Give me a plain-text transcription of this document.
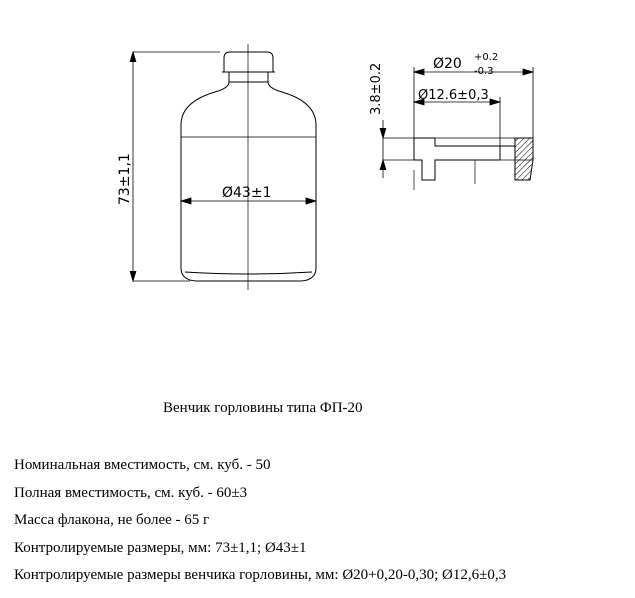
73±1,1	Ø43±1
Ø20 +0.2
-0.3
Ø12.6±0,3
3.8±0.2
Венчик горловины типа ФП-20
Номинальная вместимость, см. куб. - 50
Полная вместимость, см. куб. - 60±3
Масса флакона, не более - 65 г
Контролируемые размеры, мм: 73±1,1; Ø43±1
Контролируемые размеры венчика горловины, мм: Ø20+0,20-0,30; Ø12,6±0,3
